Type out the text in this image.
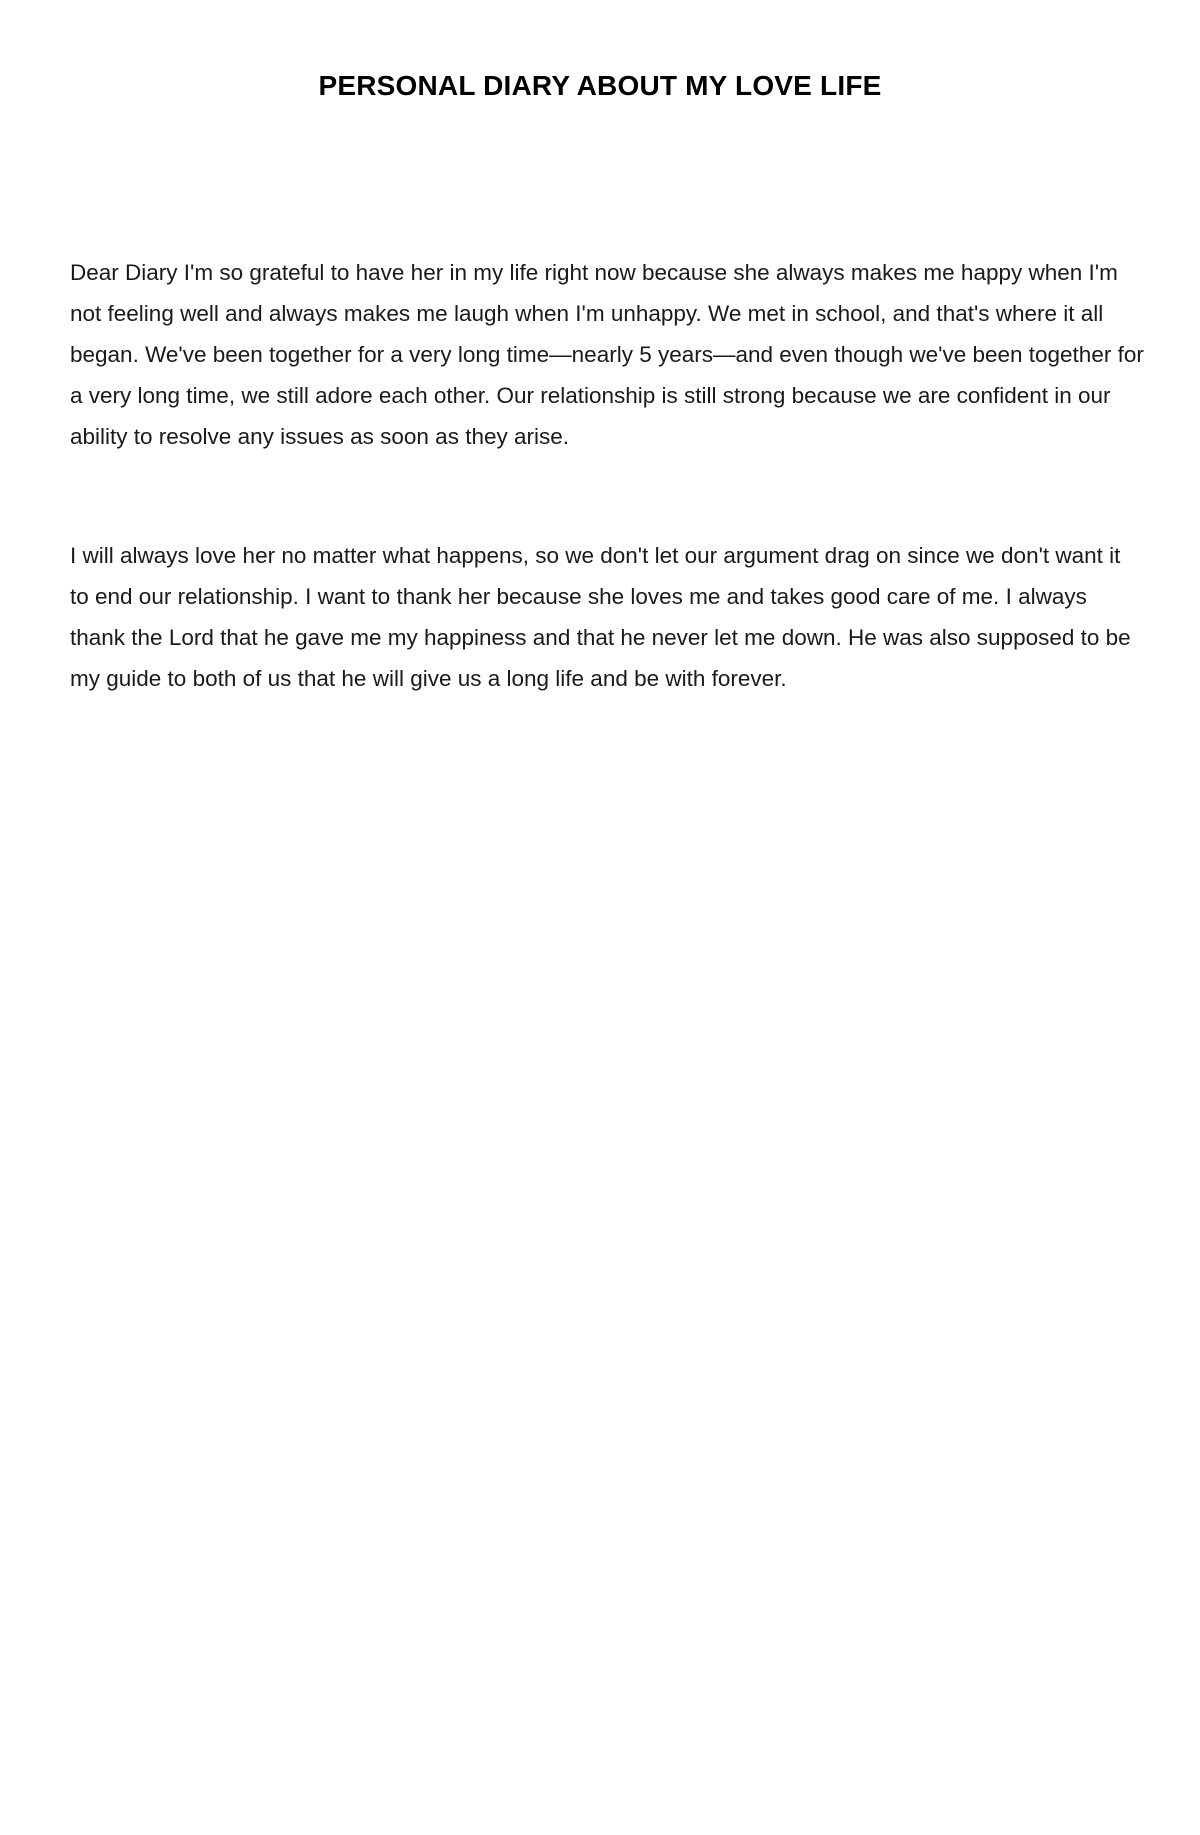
PERSONAL DIARY ABOUT MY LOVE LIFE

Dear Diary I'm so grateful to have her in my life right now because she always makes me happy when I'm not feeling well and always makes me laugh when I'm unhappy. We met in school, and that's where it all began. We've been together for a very long time—nearly 5 years—and even though we've been together for a very long time, we still adore each other. Our relationship is still strong because we are confident in our ability to resolve any issues as soon as they arise.

I will always love her no matter what happens, so we don't let our argument drag on since we don't want it to end our relationship. I want to thank her because she loves me and takes good care of me. I always thank the Lord that he gave me my happiness and that he never let me down. He was also supposed to be my guide to both of us that he will give us a long life and be with forever.
